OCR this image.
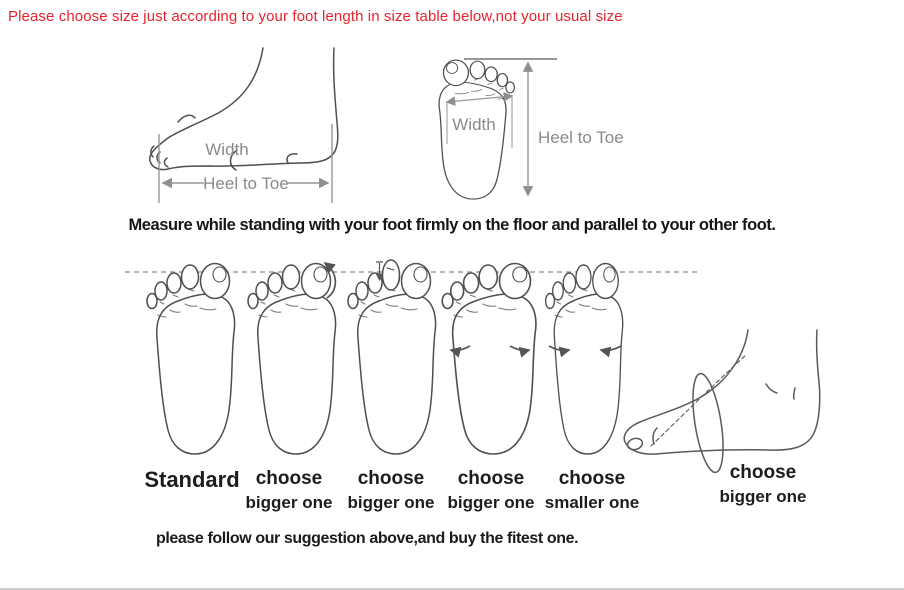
Please choose size just according to your foot length in size table below,not your usual size
Width
Heel to Toe
Width
Heel to Toe
Measure while standing with your foot firmly on the floor and parallel to your other foot.
Standard choose
bigger one
choose
bigger one
choose
bigger one
choose
smaller one
choose
bigger one
please follow our suggestion above,and buy the fitest one.
